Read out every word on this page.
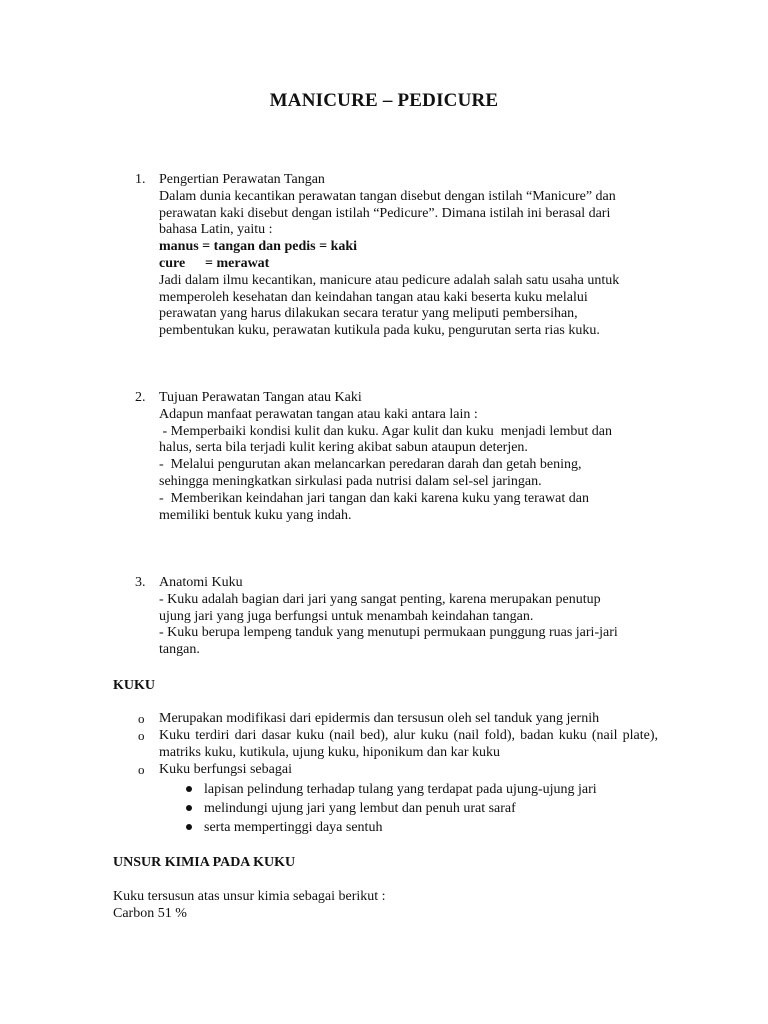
MANICURE – PEDICURE
1. Pengertian Perawatan Tangan

Dalam dunia kecantikan perawatan tangan disebut dengan istilah “Manicure” dan

perawatan kaki disebut dengan istilah “Pedicure”. Dimana istilah ini berasal dari

bahasa Latin, yaitu :

manus = tangan dan pedis = kaki

cure = merawat

Jadi dalam ilmu kecantikan, manicure atau pedicure adalah salah satu usaha untuk

memperoleh kesehatan dan keindahan tangan atau kaki beserta kuku melalui

perawatan yang harus dilakukan secara teratur yang meliputi pembersihan,

pembentukan kuku, perawatan kutikula pada kuku, pengurutan serta rias kuku.

2. Tujuan Perawatan Tangan atau Kaki

Adapun manfaat perawatan tangan atau kaki antara lain :

- Memperbaiki kondisi kulit dan kuku. Agar kulit dan kuku  menjadi lembut dan

halus, serta bila terjadi kulit kering akibat sabun ataupun deterjen.

-  Melalui pengurutan akan melancarkan peredaran darah dan getah bening,

sehingga meningkatkan sirkulasi pada nutrisi dalam sel-sel jaringan.

-  Memberikan keindahan jari tangan dan kaki karena kuku yang terawat dan

memiliki bentuk kuku yang indah.

3. Anatomi Kuku

- Kuku adalah bagian dari jari yang sangat penting, karena merupakan penutup

ujung jari yang juga berfungsi untuk menambah keindahan tangan.

- Kuku berupa lempeng tanduk yang menutupi permukaan punggung ruas jari-jari

tangan.

KUKU
o Merupakan modifikasi dari epidermis dan tersusun oleh sel tanduk yang jernih
o Kuku terdiri dari dasar kuku (nail bed), alur kuku (nail fold), badan kuku (nail plate), matriks kuku, kutikula, ujung kuku, hiponikum dan kar kuku
o Kuku berfungsi sebagai
lapisan pelindung terhadap tulang yang terdapat pada ujung-ujung jari
melindungi ujung jari yang lembut dan penuh urat saraf
serta mempertinggi daya sentuh
UNSUR KIMIA PADA KUKU
Kuku tersusun atas unsur kimia sebagai berikut :
Carbon 51 %
